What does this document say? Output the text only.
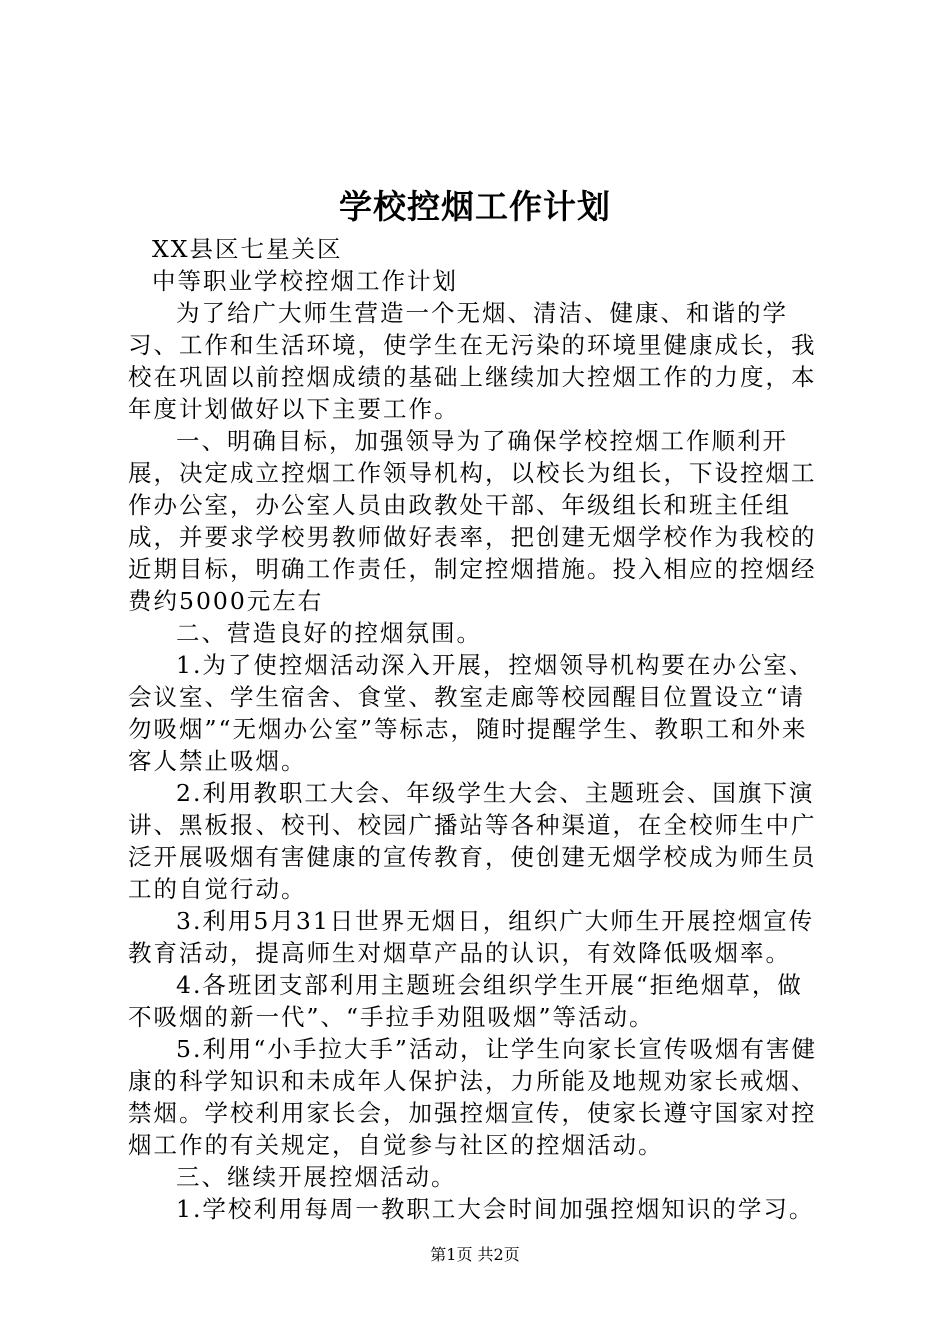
学校控烟工作计划

XX县区七星关区

中等职业学校控烟工作计划

为了给广大师生营造一个无烟、清洁、健康、和谐的学习、工作和生活环境，使学生在无污染的环境里健康成长，我校在巩固以前控烟成绩的基础上继续加大控烟工作的力度，本年度计划做好以下主要工作。

一、明确目标，加强领导为了确保学校控烟工作顺利开展，决定成立控烟工作领导机构，以校长为组长，下设控烟工作办公室，办公室人员由政教处干部、年级组长和班主任组成，并要求学校男教师做好表率，把创建无烟学校作为我校的近期目标，明确工作责任，制定控烟措施。投入相应的控烟经费约5000元左右

二、营造良好的控烟氛围。

1.为了使控烟活动深入开展，控烟领导机构要在办公室、会议室、学生宿舍、食堂、教室走廊等校园醒目位置设立“请勿吸烟”“无烟办公室”等标志，随时提醒学生、教职工和外来客人禁止吸烟。

2.利用教职工大会、年级学生大会、主题班会、国旗下演讲、黑板报、校刊、校园广播站等各种渠道，在全校师生中广泛开展吸烟有害健康的宣传教育，使创建无烟学校成为师生员工的自觉行动。

3.利用5月31日世界无烟日，组织广大师生开展控烟宣传教育活动，提高师生对烟草产品的认识，有效降低吸烟率。

4.各班团支部利用主题班会组织学生开展“拒绝烟草，做不吸烟的新一代”、“手拉手劝阻吸烟”等活动。

5.利用“小手拉大手”活动，让学生向家长宣传吸烟有害健康的科学知识和未成年人保护法，力所能及地规劝家长戒烟、禁烟。学校利用家长会，加强控烟宣传，使家长遵守国家对控烟工作的有关规定，自觉参与社区的控烟活动。

三、继续开展控烟活动。

1.学校利用每周一教职工大会时间加强控烟知识的学习。

第1页 共2页
